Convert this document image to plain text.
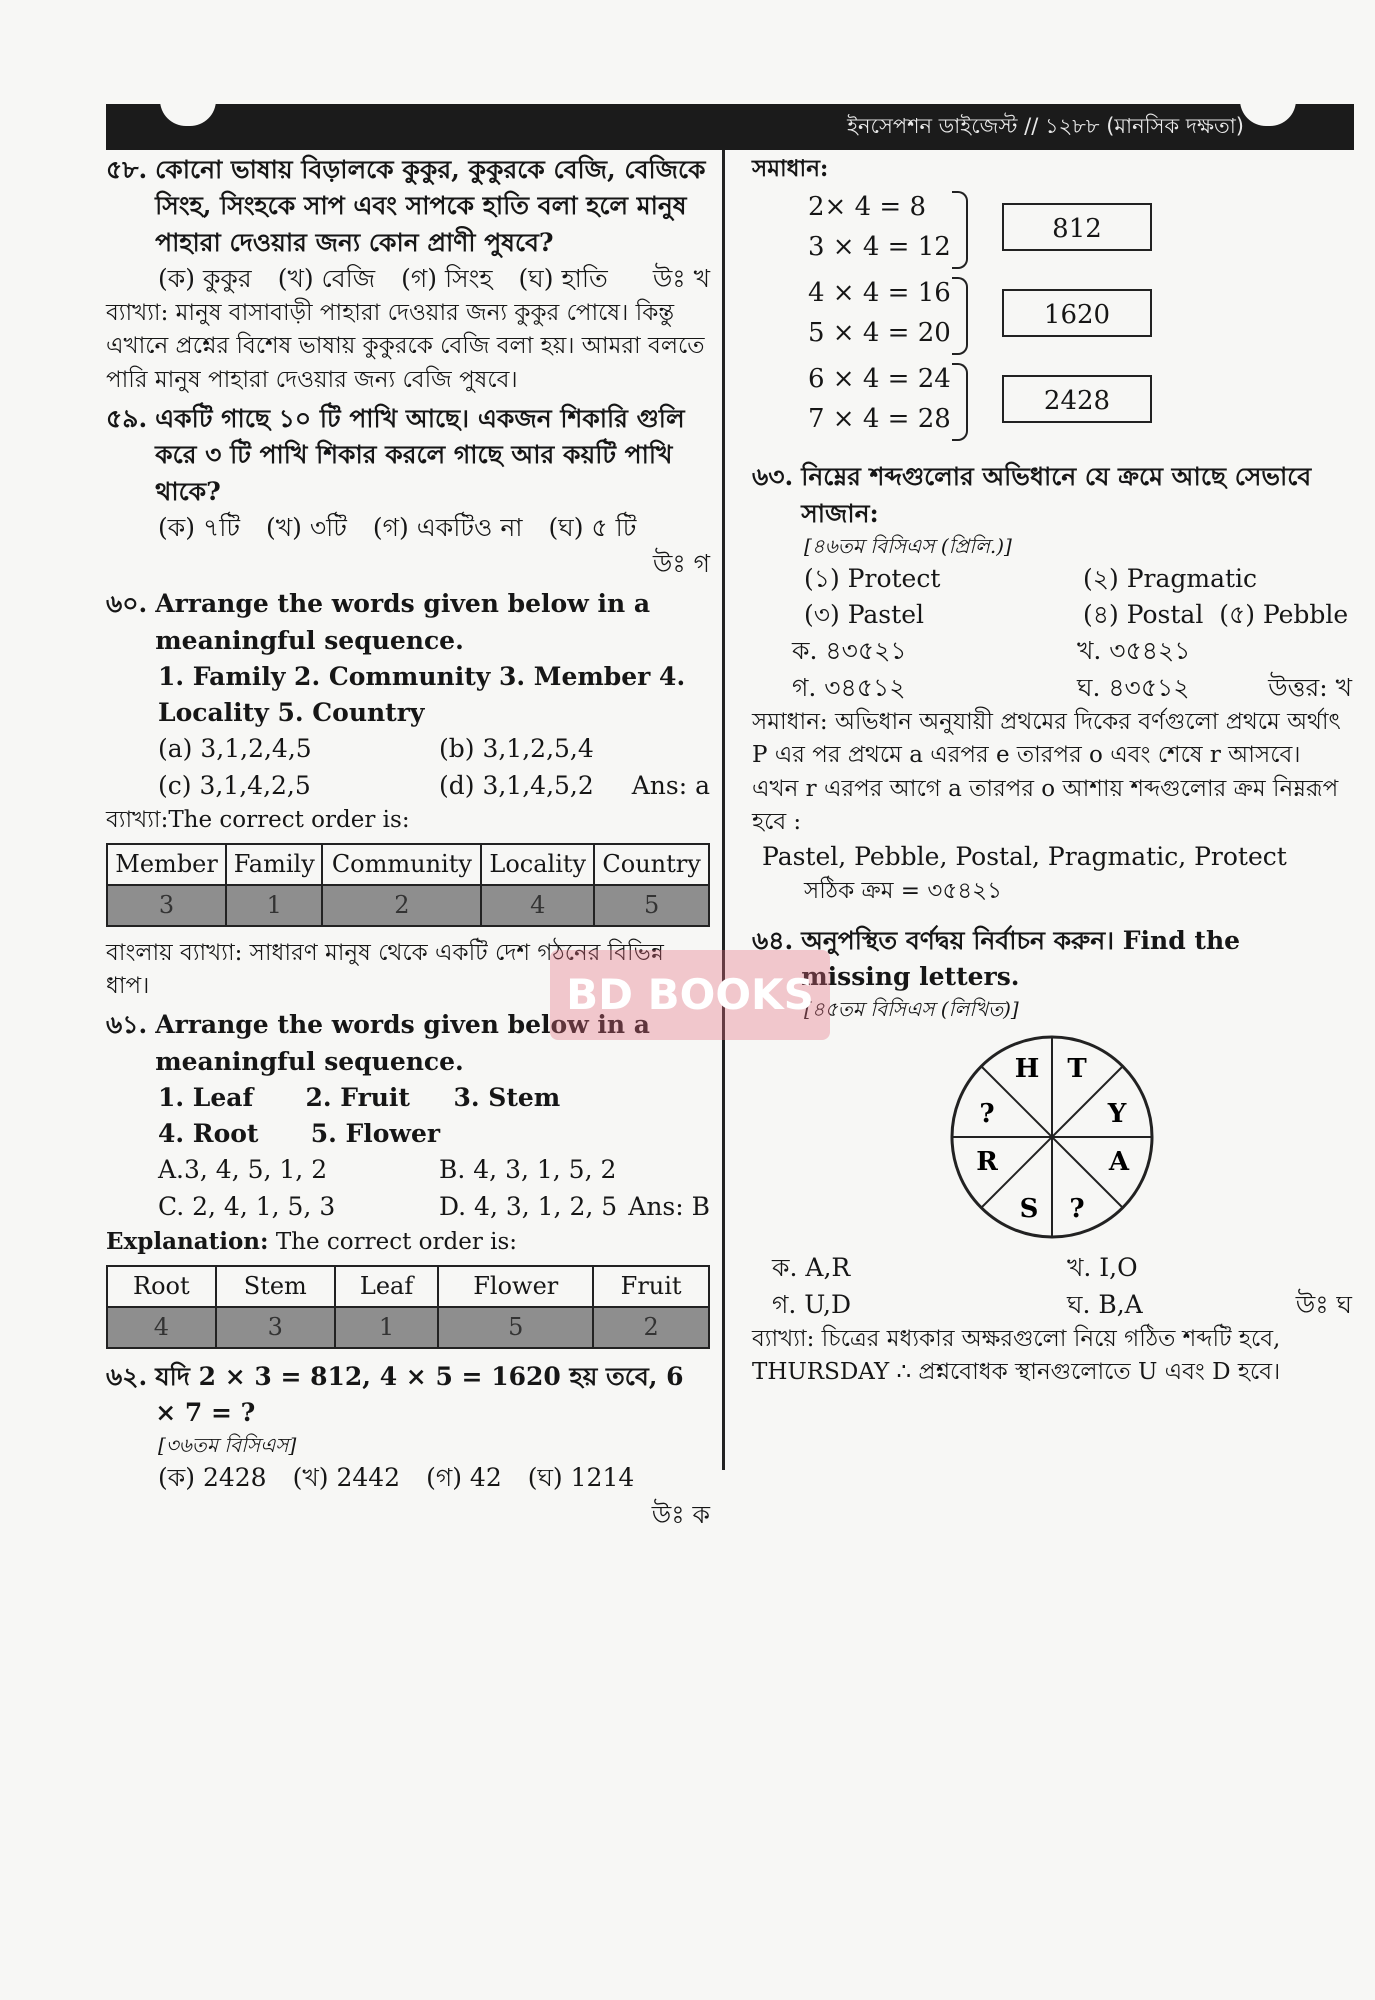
ইনসেপশন ডাইজেস্ট // ১২৮৮ (মানসিক দক্ষতা)
৫৮. কোনো ভাষায় বিড়ালকে কুকুর, কুকুরকে বেজি, বেজিকে সিংহ, সিংহকে সাপ এবং সাপকে হাতি বলা হলে মানুষ পাহারা দেওয়ার জন্য কোন প্রাণী পুষবে?
(ক) কুকুর (খ) বেজি (গ) সিংহ (ঘ) হাতি উঃ খ
ব্যাখ্যা: মানুষ বাসাবাড়ী পাহারা দেওয়ার জন্য কুকুর পোষে। কিন্তু এখানে প্রশ্নের বিশেষ ভাষায় কুকুরকে বেজি বলা হয়। আমরা বলতে পারি মানুষ পাহারা দেওয়ার জন্য বেজি পুষবে।
৫৯. একটি গাছে ১০ টি পাখি আছে। একজন শিকারি গুলি করে ৩ টি পাখি শিকার করলে গাছে আর কয়টি পাখি থাকে?
(ক) ৭টি (খ) ৩টি (গ) একটিও না (ঘ) ৫ টি
উঃ গ
৬০. Arrange the words given below in a meaningful sequence.
1. Family 2. Community 3. Member 4. Locality 5. Country
(a) 3,1,2,4,5	(b) 3,1,2,5,4
(c) 3,1,4,2,5	(d) 3,1,4,5,2 Ans: a
ব্যাখ্যা:The correct order is:
Member	Family	Community	Locality	Country
3	1	2	4	5
বাংলায় ব্যাখ্যা: সাধারণ মানুষ থেকে একটি দেশ গঠনের বিভিন্ন ধাপ।
৬১. Arrange the words given below in a meaningful sequence.
1. Leaf      2. Fruit     3. Stem
4. Root      5. Flower
A.3, 4, 5, 1, 2	B. 4, 3, 1, 5, 2
C. 2, 4, 1, 5, 3	D. 4, 3, 1, 2, 5 Ans: B
Explanation: The correct order is:
Root	Stem	Leaf	Flower	Fruit
4	3	1	5	2
৬২. যদি 2 × 3 = 812, 4 × 5 = 1620 হয় তবে, 6 × 7 = ?
[৩৬তম বিসিএস]
(ক) 2428 (খ) 2442 (গ) 42 (ঘ) 1214
উঃ ক
সমাধান:
2× 4 = 8
3 × 4 = 12
4 × 4 = 16
5 × 4 = 20
6 × 4 = 24
7 × 4 = 28
812
1620
2428
৬৩. নিম্নের শব্দগুলোর অভিধানে যে ক্রমে আছে সেভাবে সাজান:
[৪৬তম বিসিএস (প্রিলি.)]
(১) Protect	(২) Pragmatic
(৩) Pastel	(৪) Postal (৫) Pebble
ক. ৪৩৫২১	খ. ৩৫৪২১
গ. ৩৪৫১২	ঘ. ৪৩৫১২	উত্তর: খ
সমাধান: অভিধান অনুযায়ী প্রথমের দিকের বর্ণগুলো প্রথমে অর্থাৎ P এর পর প্রথমে a এরপর e তারপর o এবং শেষে r আসবে। এখন r এরপর আগে a তারপর o আশায় শব্দগুলোর ক্রম নিম্নরূপ হবে :
Pastel, Pebble, Postal, Pragmatic, Protect
সঠিক ক্রম = ৩৫৪২১
৬৪. অনুপস্থিত বর্ণদ্বয় নির্বাচন করুন। Find the missing letters.
[৪৫তম বিসিএস (লিখিত)]
H T
Y
A
?
S
R
?
ক. A,R	খ. I,O
গ. U,D	ঘ. B,A	উঃ ঘ
ব্যাখ্যা: চিত্রের মধ্যকার অক্ষরগুলো নিয়ে গঠিত শব্দটি হবে, THURSDAY ∴ প্রশ্নবোধক স্থানগুলোতে U এবং D হবে।
BD BOOKS
